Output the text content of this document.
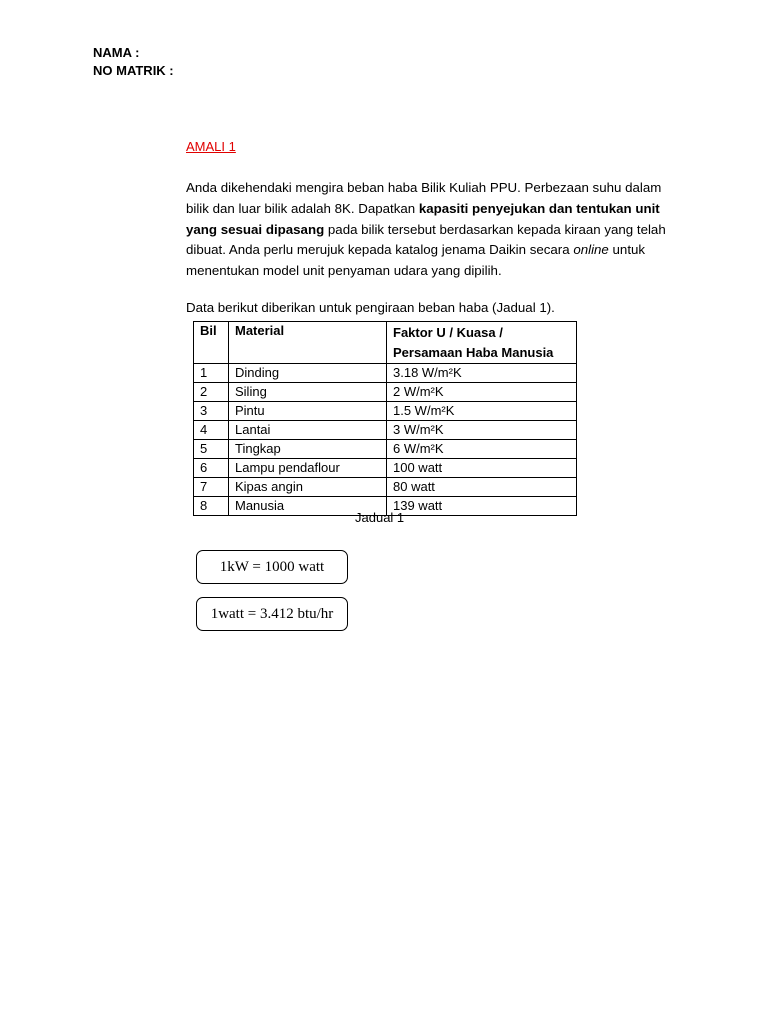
NAMA :
NO MATRIK :
AMALI 1
Anda dikehendaki mengira beban haba Bilik Kuliah PPU. Perbezaan suhu dalam bilik dan luar bilik adalah 8K. Dapatkan kapasiti penyejukan dan tentukan unit yang sesuai dipasang pada bilik tersebut berdasarkan kepada kiraan yang telah dibuat. Anda perlu merujuk kepada katalog jenama Daikin secara online untuk menentukan model unit penyaman udara yang dipilih.
Data berikut diberikan untuk pengiraan beban haba (Jadual 1).
Bil	Material	Faktor U / Kuasa / Persamaan Haba Manusia
1	Dinding	3.18 W/m²K
2	Siling	2 W/m²K
3	Pintu	1.5 W/m²K
4	Lantai	3 W/m²K
5	Tingkap	6 W/m²K
6	Lampu pendaflour	100 watt
7	Kipas angin	80 watt
8	Manusia	139 watt
Jadual 1
1kW = 1000 watt
1watt = 3.412 btu/hr
